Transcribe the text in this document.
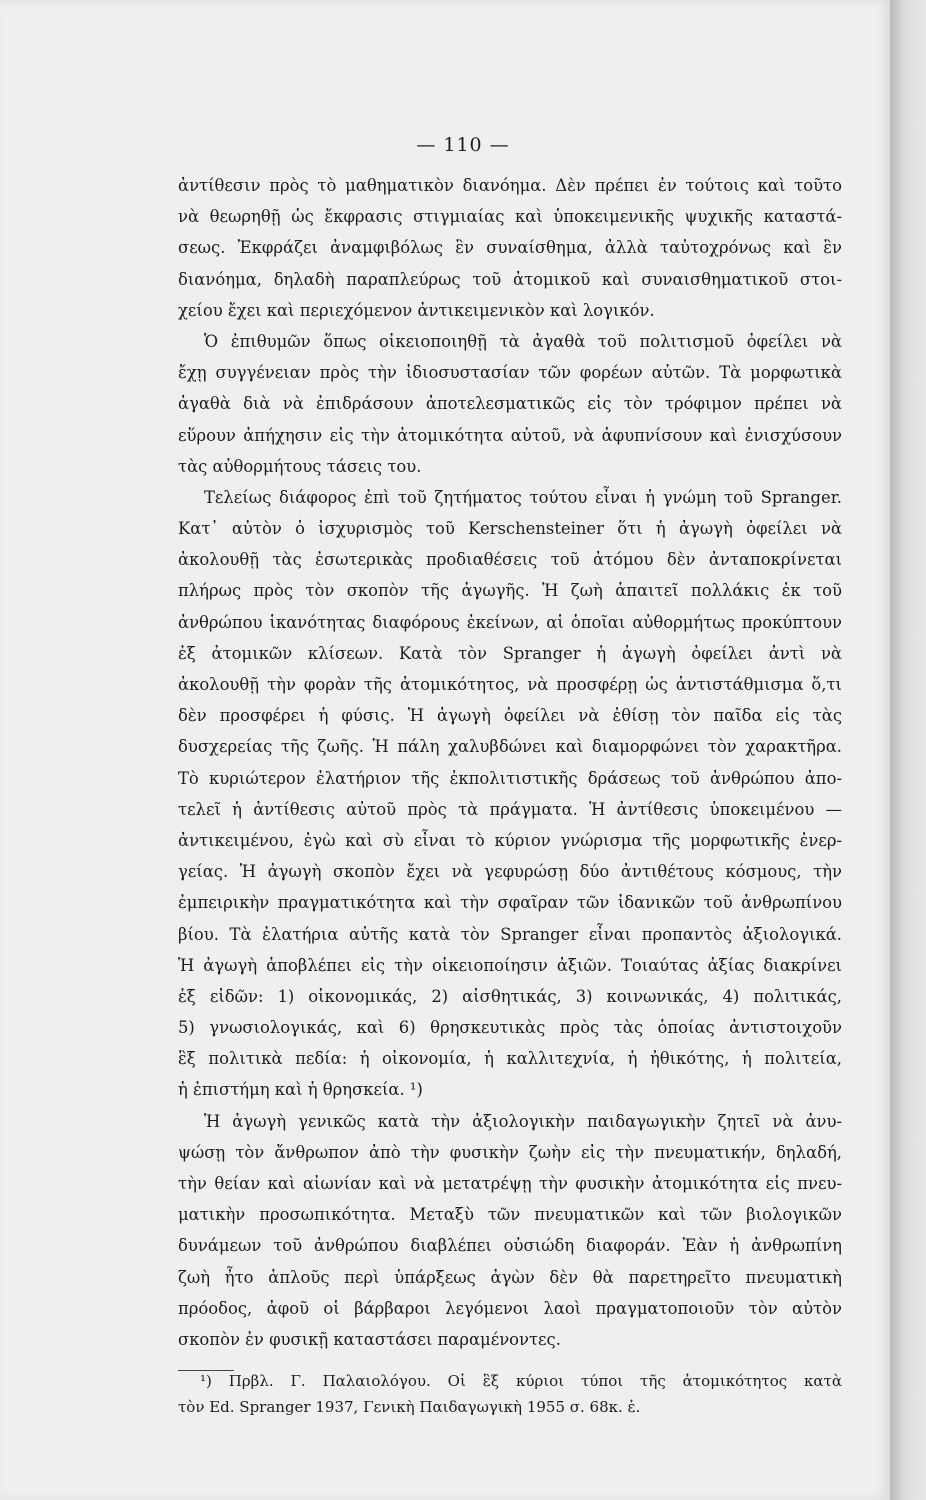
— 110 —
ἀντίθεσιν πρὸς τὸ μαθηματικὸν διανόημα. Δὲν πρέπει ἐν τούτοις καὶ τοῦτο
νὰ θεωρηθῇ ὡς ἔκφρασις στιγμιαίας καὶ ὑποκειμενικῆς ψυχικῆς καταστά-
σεως. Ἐκφράζει ἀναμφιβόλως ἓν συναίσθημα, ἀλλὰ ταὐτοχρόνως καὶ ἓν
διανόημα, δηλαδὴ παραπλεύρως τοῦ ἀτομικοῦ καὶ συναισθηματικοῦ στοι-
χείου ἔχει καὶ περιεχόμενον ἀντικειμενικὸν καὶ λογικόν.
Ὁ ἐπιθυμῶν ὅπως οἰκειοποιηθῇ τὰ ἀγαθὰ τοῦ πολιτισμοῦ ὀφείλει νὰ
ἔχῃ συγγένειαν πρὸς τὴν ἰδιοσυστασίαν τῶν φορέων αὐτῶν. Τὰ μορφωτικὰ
ἀγαθὰ διὰ νὰ ἐπιδράσουν ἀποτελεσματικῶς εἰς τὸν τρόφιμον πρέπει νὰ
εὕρουν ἀπήχησιν εἰς τὴν ἀτομικότητα αὐτοῦ, νὰ ἀφυπνίσουν καὶ ἐνισχύσουν
τὰς αὐθορμήτους τάσεις του.
Τελείως διάφορος ἐπὶ τοῦ ζητήματος τούτου εἶναι ἡ γνώμη τοῦ Spranger.
Κατ᾽ αὐτὸν ὁ ἰσχυρισμὸς τοῦ Kerschensteiner ὅτι ἡ ἀγωγὴ ὀφείλει νὰ
ἀκολουθῇ τὰς ἐσωτερικὰς προδιαθέσεις τοῦ ἀτόμου δὲν ἀνταποκρίνεται
πλήρως πρὸς τὸν σκοπὸν τῆς ἀγωγῆς. Ἡ ζωὴ ἀπαιτεῖ πολλάκις ἐκ τοῦ
ἀνθρώπου ἱκανότητας διαφόρους ἐκείνων, αἱ ὁποῖαι αὐθορμήτως προκύπτουν
ἐξ ἀτομικῶν κλίσεων. Κατὰ τὸν Spranger ἡ ἀγωγὴ ὀφείλει ἀντὶ νὰ
ἀκολουθῇ τὴν φορὰν τῆς ἀτομικότητος, νὰ προσφέρῃ ὡς ἀντιστάθμισμα ὅ,τι
δὲν προσφέρει ἡ φύσις. Ἡ ἀγωγὴ ὀφείλει νὰ ἐθίσῃ τὸν παῖδα εἰς τὰς
δυσχερείας τῆς ζωῆς. Ἡ πάλη χαλυβδώνει καὶ διαμορφώνει τὸν χαρακτῆρα.
Τὸ κυριώτερον ἐλατήριον τῆς ἐκπολιτιστικῆς δράσεως τοῦ ἀνθρώπου ἀπο-
τελεῖ ἡ ἀντίθεσις αὐτοῦ πρὸς τὰ πράγματα. Ἡ ἀντίθεσις ὑποκειμένου —
ἀντικειμένου, ἐγὼ καὶ σὺ εἶναι τὸ κύριον γνώρισμα τῆς μορφωτικῆς ἐνερ-
γείας. Ἡ ἀγωγὴ σκοπὸν ἔχει νὰ γεφυρώσῃ δύο ἀντιθέτους κόσμους, τὴν
ἐμπειρικὴν πραγματικότητα καὶ τὴν σφαῖραν τῶν ἰδανικῶν τοῦ ἀνθρωπίνου
βίου. Τὰ ἐλατήρια αὐτῆς κατὰ τὸν Spranger εἶναι προπαντὸς ἀξιολογικά.
Ἡ ἀγωγὴ ἀποβλέπει εἰς τὴν οἰκειοποίησιν ἀξιῶν. Τοιαύτας ἀξίας διακρίνει
ἐξ εἰδῶν: 1) οἰκονομικάς, 2) αἰσθητικάς, 3) κοινωνικάς, 4) πολιτικάς,
5) γνωσιολογικάς, καὶ 6) θρησκευτικὰς πρὸς τὰς ὁποίας ἀντιστοιχοῦν
ἓξ πολιτικὰ πεδία: ἡ οἰκονομία, ἡ καλλιτεχνία, ἡ ἠθικότης, ἡ πολιτεία,
ἡ ἐπιστήμη καὶ ἡ θρησκεία. ¹)
Ἡ ἀγωγὴ γενικῶς κατὰ τὴν ἀξιολογικὴν παιδαγωγικὴν ζητεῖ νὰ ἀνυ-
ψώσῃ τὸν ἄνθρωπον ἀπὸ τὴν φυσικὴν ζωὴν εἰς τὴν πνευματικήν, δηλαδή,
τὴν θείαν καὶ αἰωνίαν καὶ νὰ μετατρέψῃ τὴν φυσικὴν ἀτομικότητα εἰς πνευ-
ματικὴν προσωπικότητα. Μεταξὺ τῶν πνευματικῶν καὶ τῶν βιολογικῶν
δυνάμεων τοῦ ἀνθρώπου διαβλέπει οὐσιώδη διαφοράν. Ἐὰν ἡ ἀνθρωπίνη
ζωὴ ἦτο ἁπλοῦς περὶ ὑπάρξεως ἀγὼν δὲν θὰ παρετηρεῖτο πνευματικὴ
πρόοδος, ἀφοῦ οἱ βάρβαροι λεγόμενοι λαοὶ πραγματοποιοῦν τὸν αὐτὸν
σκοπὸν ἐν φυσικῇ καταστάσει παραμένοντες.
¹) Πρβλ. Γ. Παλαιολόγου. Οἱ ἓξ κύριοι τύποι τῆς ἀτομικότητος κατὰ
τὸν Ed. Spranger 1937, Γενικὴ Παιδαγωγικὴ 1955 σ. 68κ. ἑ.
